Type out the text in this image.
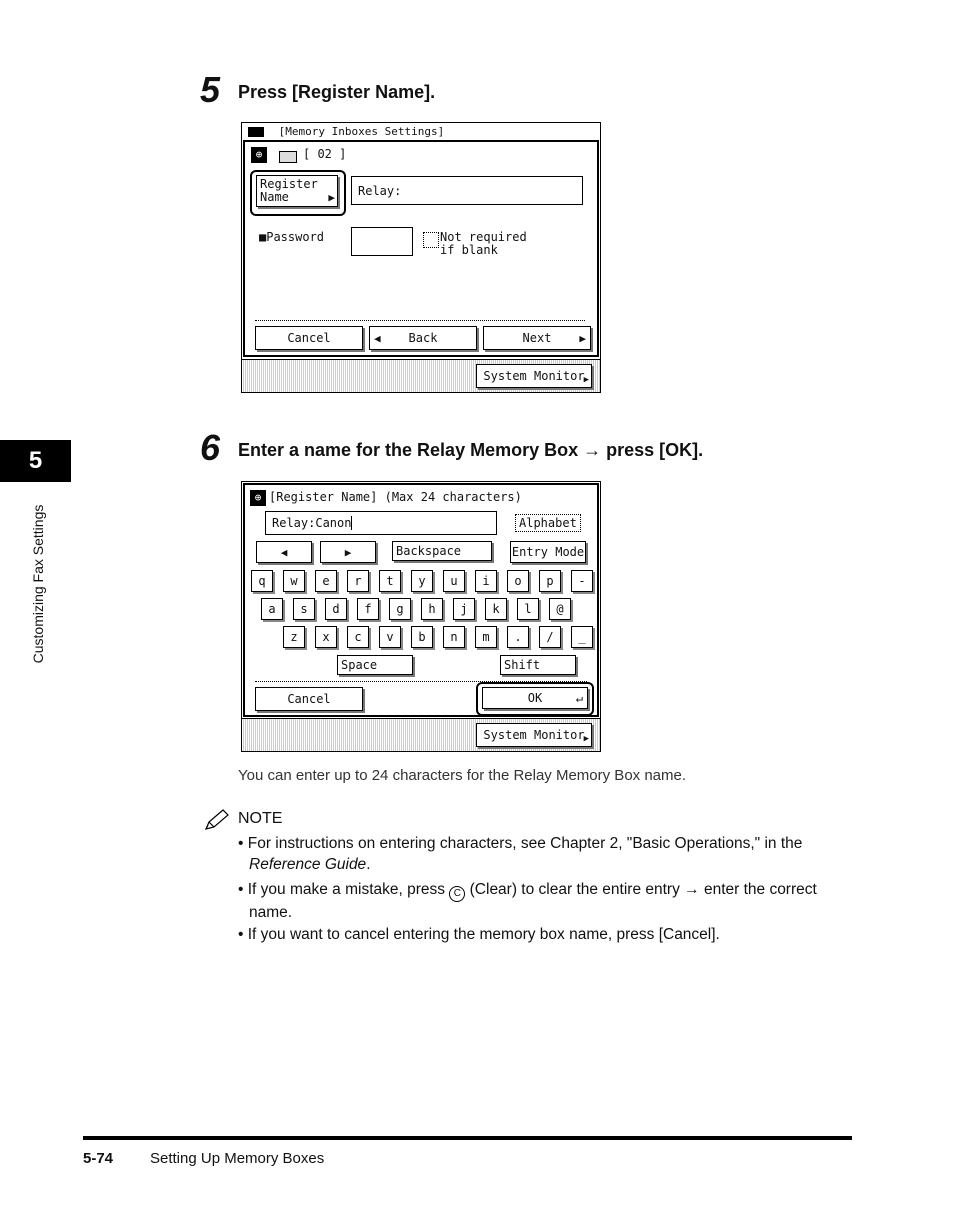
5
Customizing Fax Settings
5 Press [Register Name].
[Memory Inboxes Settings]
⊕	[ 02 ]
Register
Name	▶	Relay:
■Password	Not required
if blank
Cancel	◀ Back	Next	▶
System Monitor ▶
6 Enter a name for the Relay Memory Box → press [OK].
⊕ [Register Name] (Max 24 characters)
Relay:Canon	Alphabet
◀	▶	Backspace	Entry Mode
q	w	e	r	t	y	u	i	o	p	-
a	s	d	f	g	h	j	k	l	@
z	x	c	v	b	n	m	.	/	_
Space	Shift
Cancel	OK	↵
System Monitor ▶
You can enter up to 24 characters for the Relay Memory Box name.
NOTE
• For instructions on entering characters, see Chapter 2, "Basic Operations," in the
Reference Guide.
• If you make a mistake, press C (Clear) to clear the entire entry → enter the correct
name.
• If you want to cancel entering the memory box name, press [Cancel].
5-74 Setting Up Memory Boxes
